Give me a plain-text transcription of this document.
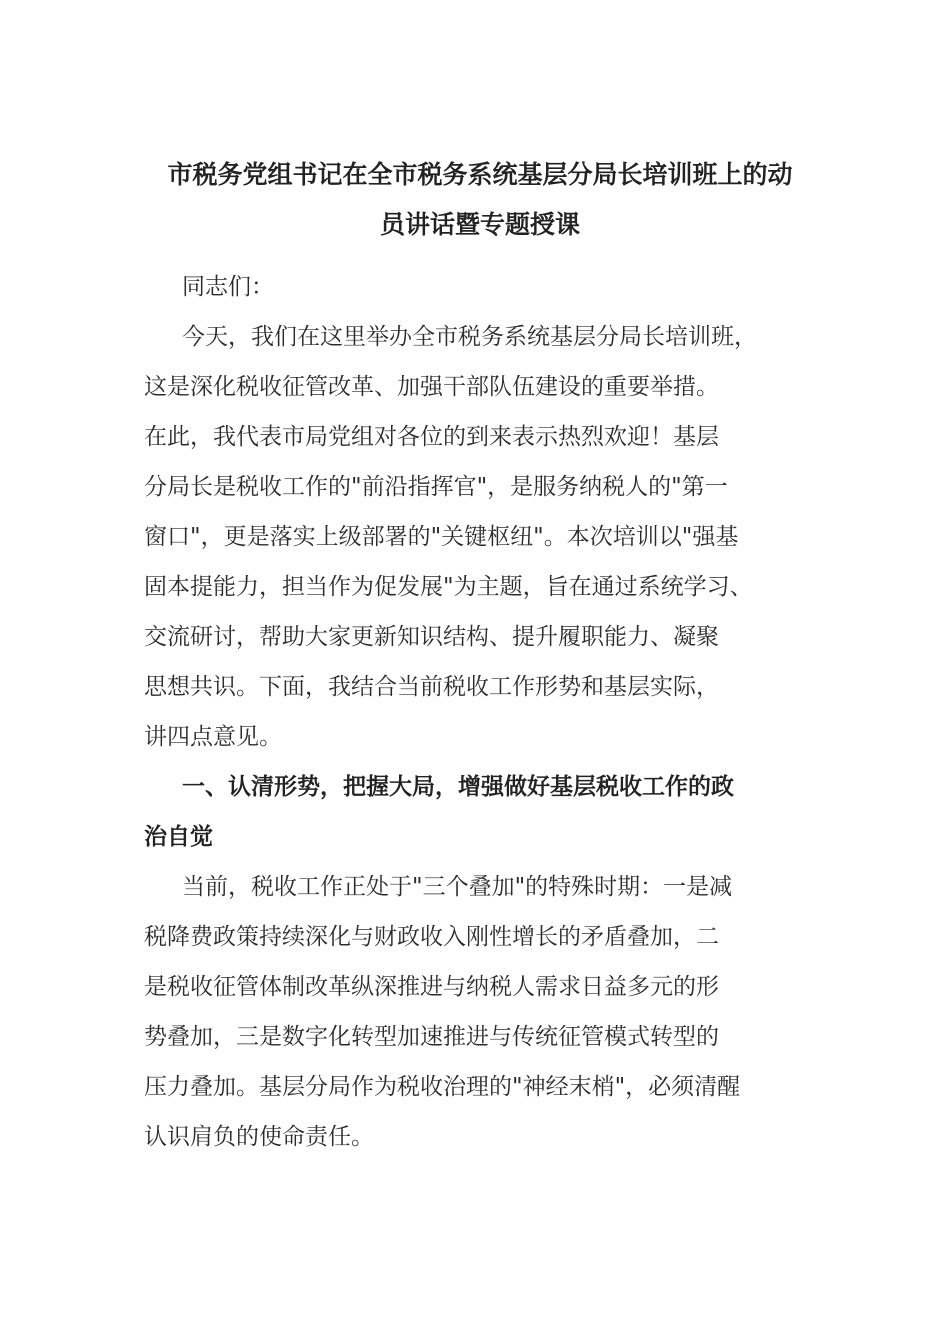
市税务党组书记在全市税务系统基层分局长培训班上的动
员讲话暨专题授课

同志们：

今天，我们在这里举办全市税务系统基层分局长培训班，
这是深化税收征管改革、加强干部队伍建设的重要举措。
在此，我代表市局党组对各位的到来表示热烈欢迎！基层
分局长是税收工作的"前沿指挥官"，是服务纳税人的"第一
窗口"，更是落实上级部署的"关键枢纽"。本次培训以"强基
固本提能力，担当作为促发展"为主题，旨在通过系统学习、
交流研讨，帮助大家更新知识结构、提升履职能力、凝聚
思想共识。下面，我结合当前税收工作形势和基层实际，
讲四点意见。

一、认清形势，把握大局，增强做好基层税收工作的政
治自觉

当前，税收工作正处于"三个叠加"的特殊时期：一是减
税降费政策持续深化与财政收入刚性增长的矛盾叠加，二
是税收征管体制改革纵深推进与纳税人需求日益多元的形
势叠加，三是数字化转型加速推进与传统征管模式转型的
压力叠加。基层分局作为税收治理的"神经末梢"，必须清醒
认识肩负的使命责任。
